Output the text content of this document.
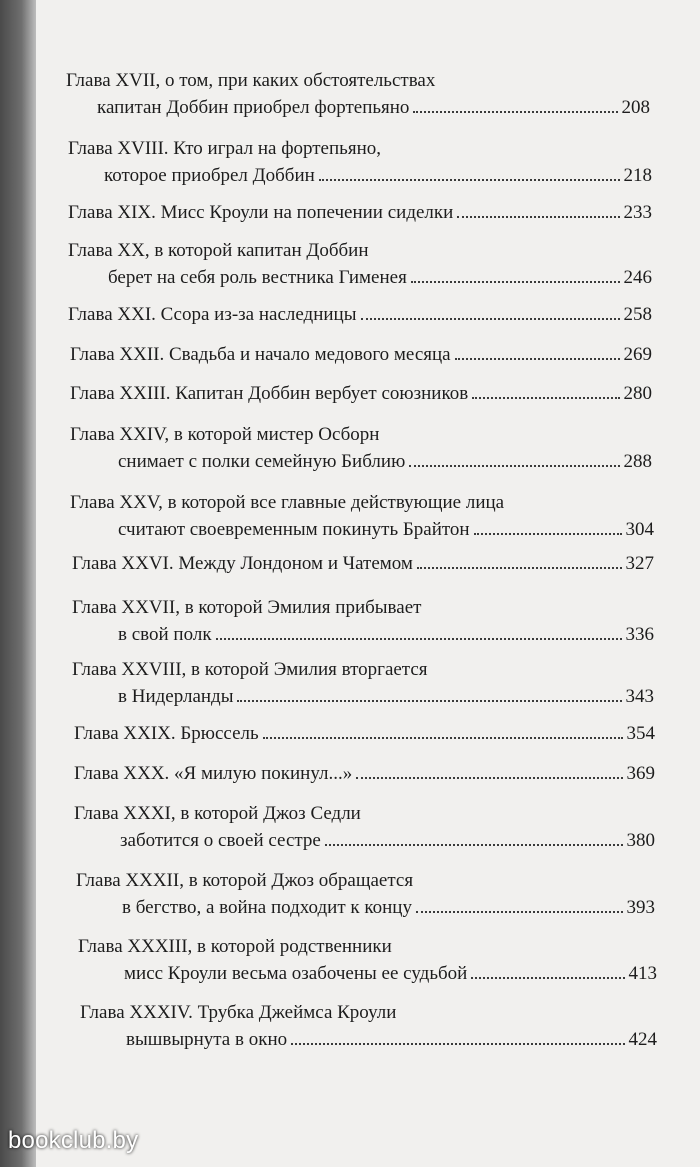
Глава XVII, о том, при каких обстоятельствах
капитан Доббин приобрел фортепьяно	208
Глава XVIII. Кто играл на фортепьяно,
которое приобрел Доббин	218
Глава XIX. Мисс Кроули на попечении сиделки	233
Глава XX, в которой капитан Доббин
берет на себя роль вестника Гименея	246
Глава XXI. Ссора из-за наследницы	258
Глава XXII. Свадьба и начало медового месяца	269
Глава XXIII. Капитан Доббин вербует союзников	280
Глава XXIV, в которой мистер Осборн
снимает с полки семейную Библию	288
Глава XXV, в которой все главные действующие лица
считают своевременным покинуть Брайтон	304
Глава XXVI. Между Лондоном и Чатемом	327
Глава XXVII, в которой Эмилия прибывает
в свой полк	336
Глава XXVIII, в которой Эмилия вторгается
в Нидерланды	343
Глава XXIX. Брюссель	354
Глава XXX. «Я милую покинул...»	369
Глава XXXI, в которой Джоз Седли
заботится о своей сестре	380
Глава XXXII, в которой Джоз обращается
в бегство, а война подходит к концу	393
Глава XXXIII, в которой родственники
мисс Кроули весьма озабочены ее судьбой	413
Глава XXXIV. Трубка Джеймса Кроули
вышвырнута в окно	424
bookclub.by
